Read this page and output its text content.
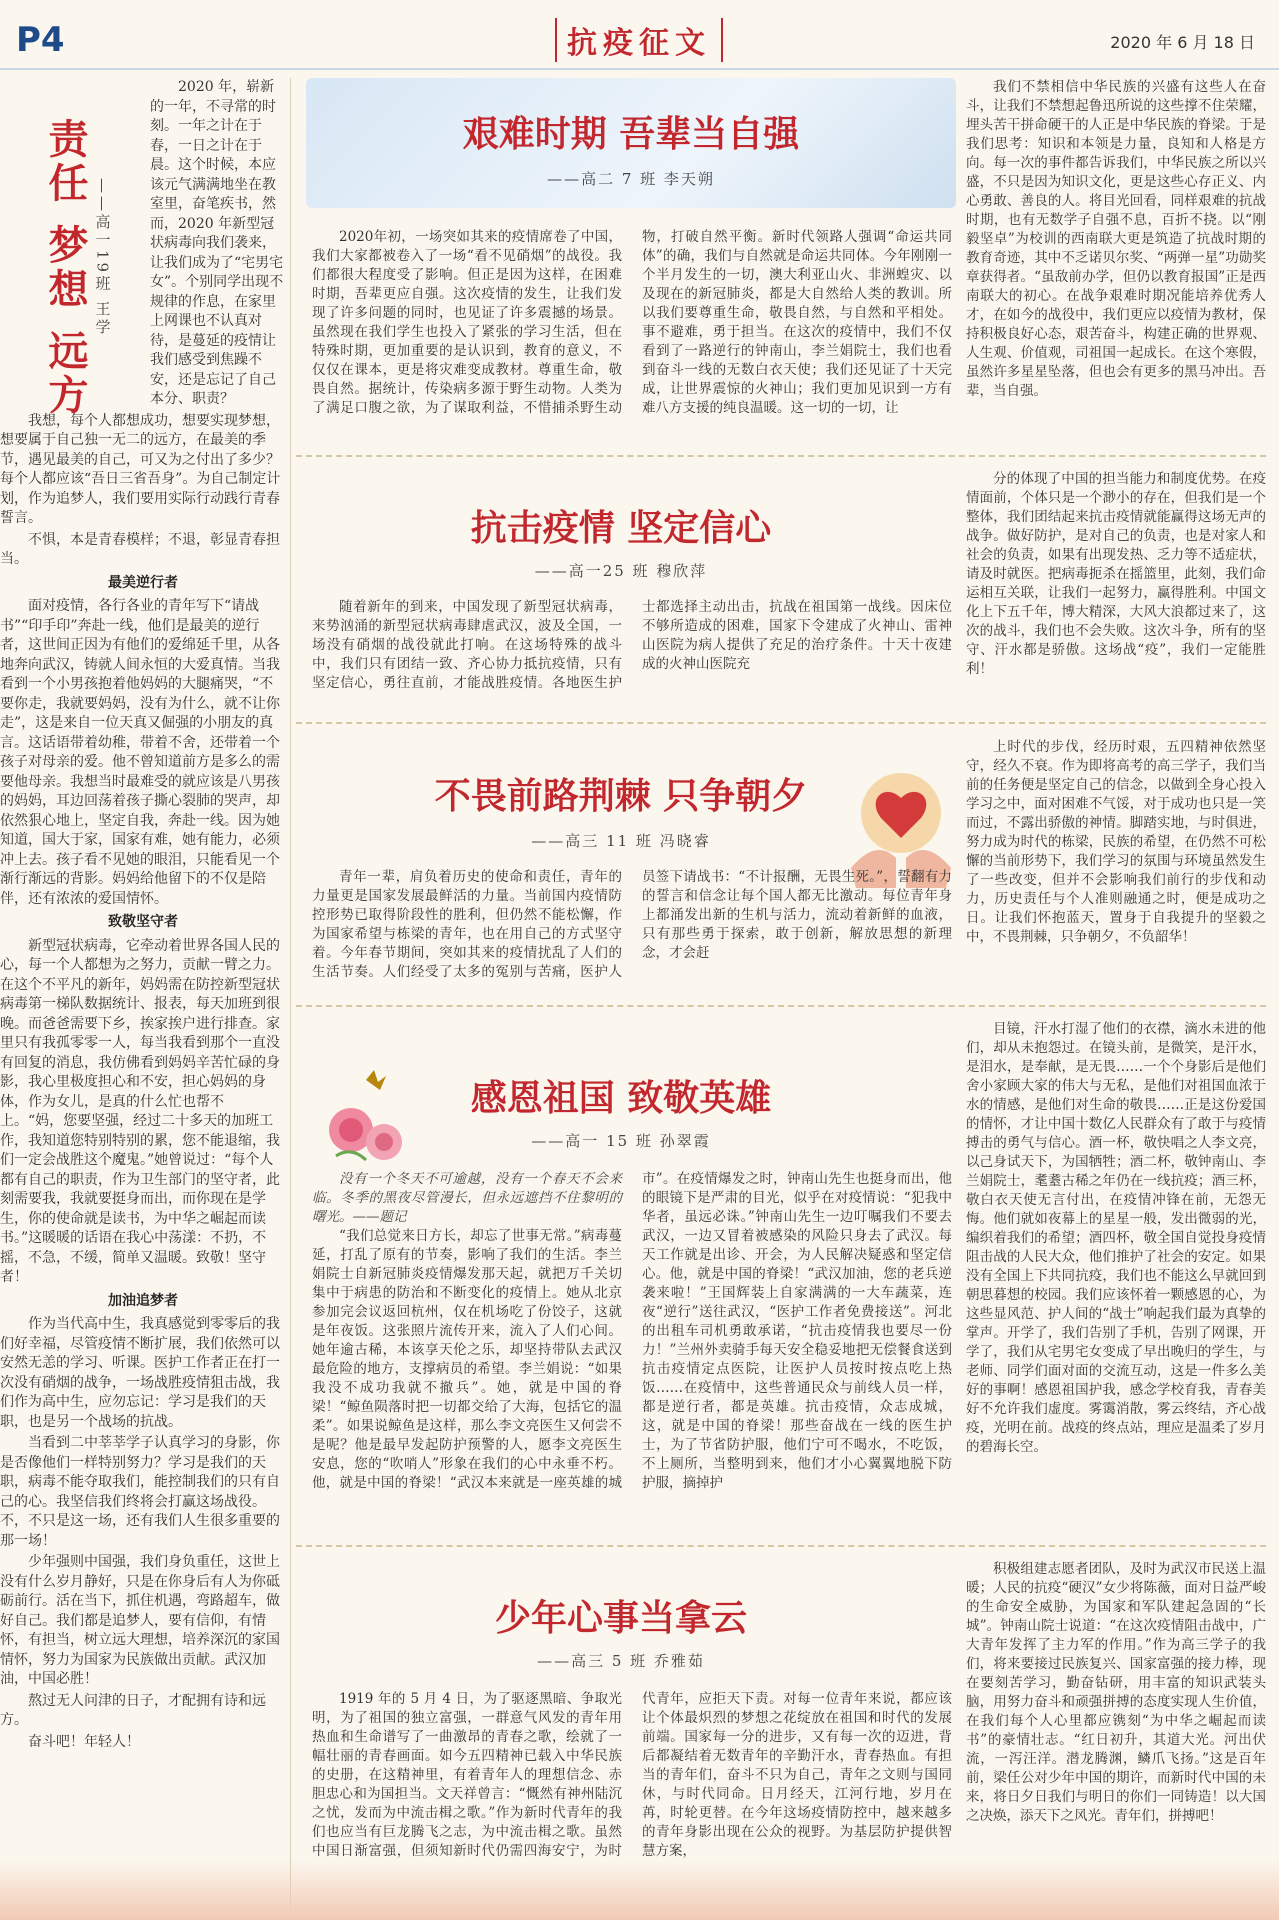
P4	抗疫征文	2020 年 6 月 18 日
责任 梦想 远方 ——高一19班 王学

2020 年，崭新的一年，不寻常的时刻。一年之计在于春，一日之计在于晨。这个时候，本应该元气满满地坐在教室里，奋笔疾书，然而，2020 年新型冠状病毒向我们袭来，让我们成为了“宅男宅女”。个别同学出现不规律的作息，在家里上网课也不认真对待，是蔓延的疫情让我们感受到焦躁不安，还是忘记了自己本分、职责？

我想，每个人都想成功，想要实现梦想，想要属于自己独一无二的远方，在最美的季节，遇见最美的自己，可又为之付出了多少？每个人都应该“吾日三省吾身”。为自己制定计划，作为追梦人，我们要用实际行动践行青春誓言。

不惧，本是青春模样；不退，彰显青春担当。

最美逆行者

面对疫情，各行各业的青年写下“请战书”“印手印”奔赴一线，他们是最美的逆行者，这世间正因为有他们的爱绵延千里，从各地奔向武汉，铸就人间永恒的大爱真情。当我看到一个小男孩抱着他妈妈的大腿痛哭，“不要你走，我就要妈妈，没有为什么，就不让你走”，这是来自一位天真又倔强的小朋友的真言。这话语带着幼稚，带着不舍，还带着一个孩子对母亲的爱。他不曾知道前方是多么的需要他母亲。我想当时最难受的就应该是八男孩的妈妈，耳边回荡着孩子撕心裂肺的哭声，却依然狠心地上，坚定自我，奔赴一线。因为她知道，国大于家，国家有难，她有能力，必须冲上去。孩子看不见她的眼泪，只能看见一个渐行渐远的背影。妈妈给他留下的不仅是陪伴，还有浓浓的爱国情怀。

致敬坚守者

新型冠状病毒，它牵动着世界各国人民的心，每一个人都想为之努力，贡献一臂之力。在这个不平凡的新年，妈妈需在防控新型冠状病毒第一梯队数据统计、报表，每天加班到很晚。而爸爸需要下乡，挨家挨户进行排查。家里只有我孤零零一人，每当我看到那个一直没有回复的消息，我仿佛看到妈妈辛苦忙碌的身影，我心里极度担心和不安，担心妈妈的身体，作为女儿，是真的什么忙也帮不上。“妈，您要坚强，经过二十多天的加班工作，我知道您特别特别的累，您不能退缩，我们一定会战胜这个魔鬼。”她曾说过：“每个人都有自己的职责，作为卫生部门的坚守者，此刻需要我，我就要挺身而出，而你现在是学生，你的使命就是读书，为中华之崛起而读书。”这暖暖的话语在我心中荡漾：不扔，不摇，不急，不缓，简单又温暖。致敬！坚守者！

加油追梦者

作为当代高中生，我真感觉到零零后的我们好幸福，尽管疫情不断扩展，我们依然可以安然无恙的学习、听课。医护工作者正在打一次没有硝烟的战争，一场战胜疫情狙击战，我们作为高中生，应勿忘记：学习是我们的天职，也是另一个战场的抗战。

当看到二中莘莘学子认真学习的身影，你是否像他们一样特别努力？学习是我们的天职，病毒不能夺取我们，能控制我们的只有自己的心。我坚信我们终将会打赢这场战役。不，不只是这一场，还有我们人生很多重要的那一场！

少年强则中国强，我们身负重任，这世上没有什么岁月静好，只是在你身后有人为你砥砺前行。活在当下，抓住机遇，弯路超车，做好自己。我们都是追梦人，要有信仰，有情怀，有担当，树立远大理想，培养深沉的家国情怀，努力为国家为民族做出贡献。武汉加油，中国必胜！

熬过无人问津的日子，才配拥有诗和远方。

奋斗吧！年轻人！

艰难时期 吾辈当自强
——高二 7 班 李天朔

2020年初，一场突如其来的疫情席卷了中国，我们大家都被卷入了一场“看不见硝烟”的战役。我们都很大程度受了影响。但正是因为这样，在困难时期，吾辈更应自强。这次疫情的发生，让我们发现了许多问题的同时，也见证了许多震撼的场景。虽然现在我们学生也投入了紧张的学习生活，但在特殊时期，更加重要的是认识到，教育的意义，不仅仅在课本，更是将灾难变成教材。尊重生命，敬畏自然。据统计，传染病多源于野生动物。人类为了满足口腹之欲，为了谋取利益，不惜捕杀野生动物，打破自然平衡。新时代领路人强调“命运共同体”的确，我们与自然就是命运共同体。今年刚刚一个半月发生的一切，澳大利亚山火、非洲蝗灾、以及现在的新冠肺炎，都是大自然给人类的教训。所以我们要尊重生命，敬畏自然，与自然和平相处。事不避难，勇于担当。在这次的疫情中，我们不仅看到了一路逆行的钟南山，李兰娟院士，我们也看到奋斗一线的无数白衣天使；我们还见证了十天完成，让世界震惊的火神山；我们更加见识到一方有难八方支援的纯良温暖。这一切的一切，让

我们不禁相信中华民族的兴盛有这些人在奋斗，让我们不禁想起鲁迅所说的这些撑不住荣耀，埋头苦干拼命硬干的人正是中华民族的脊梁。于是我们思考：知识和本领是力量，良知和人格是方向。每一次的事件都告诉我们，中华民族之所以兴盛，不只是因为知识文化，更是这些心存正义、内心勇敢、善良的人。将目光回看，同样艰难的抗战时期，也有无数学子自强不息，百折不挠。以“刚毅坚卓”为校训的西南联大更是筑造了抗战时期的教育奇迹，其中不乏诺贝尔奖、“两弹一星”功勋奖章获得者。“虽敌前办学，但仍以教育报国”正是西南联大的初心。在战争艰难时期况能培养优秀人才，在如今的战役中，我们更应以疫情为教材，保持积极良好心态，艰苦奋斗，构建正确的世界观、人生观、价值观，司祖国一起成长。在这个寒假，虽然许多星星坠落，但也会有更多的黑马冲出。吾辈，当自强。

抗击疫情 坚定信心
——高一25 班 穆欣萍

随着新年的到来，中国发现了新型冠状病毒，来势汹涌的新型冠状病毒肆虐武汉，波及全国，一场没有硝烟的战役就此打响。在这场特殊的战斗中，我们只有团结一致、齐心协力抵抗疫情，只有坚定信心，勇往直前，才能战胜疫情。各地医生护士都选择主动出击，抗战在祖国第一战线。因床位不够所造成的困难，国家下令建成了火神山、雷神山医院为病人提供了充足的治疗条件。十天十夜建成的火神山医院充

分的体现了中国的担当能力和制度优势。在疫情面前，个体只是一个渺小的存在，但我们是一个整体，我们团结起来抗击疫情就能赢得这场无声的战争。做好防护，是对自己的负责，也是对家人和社会的负责，如果有出现发热、乏力等不适症状，请及时就医。把病毒扼杀在摇篮里，此刻，我们命运相互关联，让我们一起努力，赢得胜利。中国文化上下五千年，博大精深，大风大浪都过来了，这次的战斗，我们也不会失败。这次斗争，所有的坚守、汗水都是骄傲。这场战“疫”，我们一定能胜利！

不畏前路荆棘 只争朝夕
——高三 11 班 冯晓睿

青年一辈，肩负着历史的使命和责任，青年的力量更是国家发展最鲜活的力量。当前国内疫情防控形势已取得阶段性的胜利，但仍然不能松懈，作为国家希望与栋梁的青年，也在用自己的方式坚守着。今年春节期间，突如其来的疫情扰乱了人们的生活节奏。人们经受了太多的冤别与苦痛，医护人员签下请战书：“不计报酬，无畏生死。”，誓翻有力的誓言和信念让每个国人都无比激动。每位青年身上都涌发出新的生机与活力，流动着新鲜的血液，只有那些勇于探索，敢于创新，解放思想的新理念，才会赶

上时代的步伐，经历时艰，五四精神依然坚守，经久不衰。作为即将高考的高三学子，我们当前的任务便是坚定自己的信念，以做到全身心投入学习之中，面对困难不气馁，对于成功也只是一笑而过，不露出骄傲的神情。脚踏实地，与时俱进，努力成为时代的栋梁，民族的希望，在仍然不可松懈的当前形势下，我们学习的氛围与环境虽然发生了一些改变，但并不会影响我们前行的步伐和动力，历史责任与个人准则融通之时，便是成功之日。让我们怀抱蓝天，置身于自我提升的坚毅之中，不畏荆棘，只争朝夕，不负韶华！

感恩祖国 致敬英雄
——高一 15 班 孙翠霞

没有一个冬天不可逾越，没有一个春天不会来临。冬季的黑夜尽管漫长，但永远遮挡不住黎明的曙光。——题记

“我们总觉来日方长，却忘了世事无常。”病毒蔓延，打乱了原有的节奏，影响了我们的生活。李兰娟院士自新冠肺炎疫情爆发那天起，就把万千关切集中于病患的防治和不断变化的疫情上。她从北京参加完会议返回杭州，仅在机场吃了份饺子，这就是年夜饭。这张照片流传开来，流入了人们心间。她年逾古稀，本该享天伦之乐，却坚持带队去武汉最危险的地方，支撑病员的希望。李兰娟说：“如果我没不成功我就不撤兵”。她，就是中国的脊梁！“鲸鱼陨落时把一切都交给了大海，包括它的温柔”。如果说鲸鱼是这样，那么李文亮医生又何尝不是呢？他是最早发起防护预警的人，愿李文亮医生安息，您的“吹哨人”形象在我们的心中永垂不朽。他，就是中国的脊梁！“武汉本来就是一座英雄的城市”。在疫情爆发之时，钟南山先生也挺身而出，他的眼镜下是严肃的目光，似乎在对疫情说：“犯我中华者，虽远必诛。”钟南山先生一边叮嘱我们不要去武汉，一边又冒着被感染的风险只身去了武汉。每天工作就是出诊、开会，为人民解决疑惑和坚定信心。他，就是中国的脊梁！“武汉加油，您的老兵逆袭来啦！”王国辉装上自家满满的一大车蔬菜，连夜“逆行”送往武汉，“医护工作者免费接送”。河北的出租车司机勇敢承诺，“抗击疫情我也要尽一份力！”兰州外卖骑手每天安全稳妥地把无偿餐食送到抗击疫情定点医院，让医护人员按时按点吃上热饭……在疫情中，这些普通民众与前线人员一样，都是逆行者，都是英雄。抗击疫情，众志成城，这，就是中国的脊梁！那些奋战在一线的医生护士，为了节省防护服，他们宁可不喝水，不吃饭，不上厕所，当整明到来，他们才小心翼翼地脱下防护服，摘掉护

目镜，汗水打湿了他们的衣襟，滴水未进的他们，却从未抱怨过。在镜头前，是微笑，是汗水，是泪水，是奉献，是无畏……一个个身影后是他们舍小家顾大家的伟大与无私，是他们对祖国血浓于水的情感，是他们对生命的敬畏……正是这份爱国的情怀，才让中国十数亿人民群众有了敢于与疫情搏击的勇气与信心。酒一杯，敬快唱之人李文亮，以己身试天下，为国牺牲；酒二杯，敬钟南山、李兰娟院士，耄耋古稀之年仍在一线抗疫；酒三杯，敬白衣天使无言付出，在疫情冲锋在前，无怨无悔。他们就如夜幕上的星星一般，发出微弱的光，编织着我们的希望；酒四杯，敬全国自觉投身疫情阻击战的人民大众，他们推护了社会的安定。如果没有全国上下共同抗疫，我们也不能这么早就回到朝思暮想的校园。我们应该怀着一颗感恩的心，为这些显风范、护人间的“战士”响起我们最为真挚的掌声。开学了，我们告别了手机，告别了网课，开学了，我们从宅男宅女变成了早出晚归的学生，与老师、同学们面对面的交流互动，这是一件多么美好的事啊！感恩祖国护我，感念学校育我，青春美好不允许我们虚度。雾霭消散，雾云终结，齐心战疫，光明在前。战疫的终点站，理应是温柔了岁月的碧海长空。

少年心事当拿云
——高三 5 班 乔雅茹

1919 年的 5 月 4 日，为了驱逐黑暗、争取光明，为了祖国的独立富强，一群意气风发的青年用热血和生命谱写了一曲激昂的青春之歌，绘就了一幅壮丽的青春画面。如今五四精神已载入中华民族的史册，在这精神里，有着青年人的理想信念、赤胆忠心和为国担当。文天祥曾言：“慨然有神州陆沉之忧，发而为中流击楫之歌。”作为新时代青年的我们也应当有巨龙腾飞之志，为中流击楫之歌。虽然中国日渐富强，但须知新时代仍需四海安宁，为时代青年，应拒天下责。对每一位青年来说，都应该让个体最炽烈的梦想之花绽放在祖国和时代的发展前端。国家每一分的进步，又有每一次的迈进，背后都凝结着无数青年的辛勤汗水，青春热血。有担当的青年们，奋斗不只为自己，青年之文则与国同休，与时代同命。日月经天，江河行地，岁月在苒，时轮更替。在今年这场疫情防控中，越来越多的青年身影出现在公众的视野。为基层防护提供智慧方案，

积极组建志愿者团队，及时为武汉市民送上温暖；人民的抗疫“硬汉”女少将陈薇，面对日益严峻的生命安全威胁，为国家和军队建起急固的“长城”。钟南山院士说道：“在这次疫情阻击战中，广大青年发挥了主力军的作用。”作为高三学子的我们，将来要接过民族复兴、国家富强的接力棒，现在要刻苦学习，勤奋钻研，用丰富的知识武装头脑，用努力奋斗和顽强拼搏的态度实现人生价值，在我们每个人心里都应镌刻“为中华之崛起而读书”的豪情壮志。“红日初升，其道大光。河出伏流，一泻汪洋。潜龙腾渊，鳞爪飞扬。”这是百年前，梁任公对少年中国的期许，而新时代中国的未来，将日夕日我们与明日的你们一同铸造！以大国之决焕，添天下之风光。青年们，拼搏吧！
